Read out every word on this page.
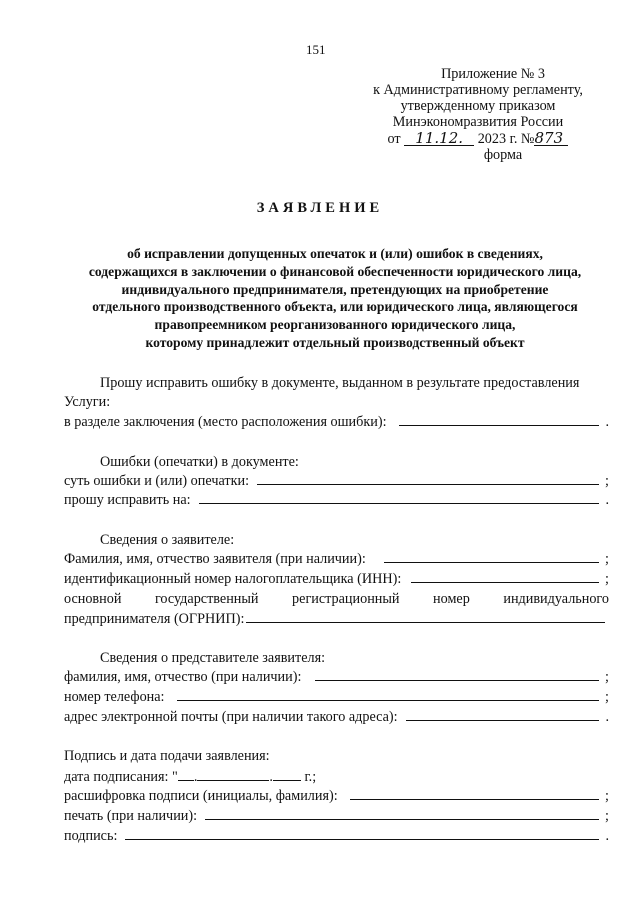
151
Приложение № 3
к Административному регламенту,
утвержденному приказом
Минэкономразвития России
от 11.12. 2023 г. №873
форма
ЗАЯВЛЕНИЕ
об исправлении допущенных опечаток и (или) ошибок в сведениях,
содержащихся в заключении о финансовой обеспеченности юридического лица,
индивидуального предпринимателя, претендующих на приобретение
отдельного производственного объекта, или юридического лица, являющегося
правопреемником реорганизованного юридического лица,
которому принадлежит отдельный производственный объект
Прошу исправить ошибку в документе, выданном в результате предоставления
Услуги:
в разделе заключения (место расположения ошибки):	.
Ошибки (опечатки) в документе:
суть ошибки и (или) опечатки:	;
прошу исправить на:	.
Сведения о заявителе:
Фамилия, имя, отчество заявителя (при наличии):	;
идентификационный номер налогоплательщика (ИНН):	;
основной государственный регистрационный номер индивидуального
предпринимателя (ОГРНИП):
Сведения о представителе заявителя:
фамилия, имя, отчество (при наличии):	;
номер телефона:	;
адрес электронной почты (при наличии такого адреса):	.
Подпись и дата подачи заявления:
дата подписания: " .	. г.;
расшифровка подписи (инициалы, фамилия):	;
печать (при наличии):	;
подпись:	.
